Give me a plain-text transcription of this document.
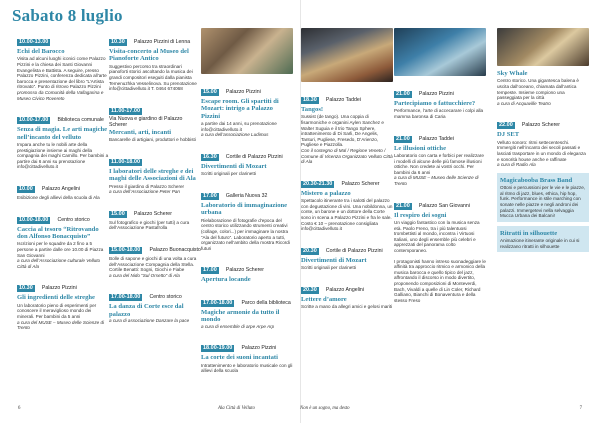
Sabato 8 luglio
10.00-13.00
Echi del Barocco
Visita ad alcuni luoghi iconici come Palazzo Pizzini e la chiesa dei Santi Giovanni Evangelista e Battista. A seguire, presso Palazzo Pizzini, conferenza dedicata all’arte barocca e presentazione del libro “L’Artista ritrovato”. Punto di ritrovo Palazzo Pizzini
promosso da Comunità della Vallagarina e Museo Civico Rovereto
10.00-17.00 Biblioteca comunale
Senza di magia. Le arti magiche nell’incanto del velluto
Impara anche tu le nobili arte della prestigiazione insieme ai maghi della compagnia dei maghi Camillo. Per bambini a partire dai 6 anni su prenotazione info@cittadivelluto.it
10.00 Palazzo Angelini
Esibizione degli allievi della scuola di Ala
10.00-18.00 Centro storico
Caccia al tesoro “Ritrovando don Alfonso Bonacquisto”
Iscrizioni per le squadre da 2 fino a 5 persone a partire dalle ore 10.00 di Piazza San Giovanni
a cura dell’Associazione culturale Velluto Città di Ala
10.30 Palazzo Pizzini
Gli ingredienti delle streghe
Un laboratorio pieno di esperimenti per conoscere il meraviglioso mondo dei minerali. Per bambini da 5 anni
a cura del MUSE – Museo delle Scienze di Trento
10.30 Palazzo Pizzini di Lenna
Visita-concerto al Museo del Pianoforte Antico
Suggestivo percorso tra straordinari pianoforti storici ascoltando la musica dei grandi compositori eseguiti dalla pianista Temenuzhka Vesselinova. Su prenotazione info@cittadivelluto.it T. 0464 674068
11.00-17.00
Via Nuova e giardino di Palazzo Scherer
Mercanti, arti, incanti
Bancarelle di artigiani, produttori e hobbisti
11.00-18.00
I laboratori delle streghe e dei maghi delle Associazioni di Ala
Presso il giardino di Palazzo Scherer
a cura dell’Associazione Peter Pan
15.00 Palazzo Scherer
Sul fotografico e giochi (per tutti) a cura dell’Associazione Pastafrolla
15.00-18.00 Palazzo Buonacquisto
Bolle di sapone e giochi di una volta a cura dell’Associazione Compagnia della Stella. Cortile Benatti: Sogni, Giochi e Fiabe
a cura del Nido “Sul Orsetto” di Ala
17.00-18.00 Centro storico
La danza di Corte esce dal palazzo
a cura di associazione Danzare la pace
15.00 Palazzo Pizzini
Escape room. Gli spartiti di Mozart: intrigo a Palazzo Pizzini
a partire dai 14 anni, su prenotazione info@cittadivelluto.it
a cura dell’associazione Ludimus
16.30 Cortile di Palazzo Pizzini
Divertimenti di Mozart
Scritti originali per clarinetti
17.00 Galleria Nuova 32
Laboratorio di immaginazione urbana
Rielaborazione di fotografie d’epoca del centro storico utilizzando strumenti creativi (collage, colori...) per immaginare la nostra “Ala del futuro”. Laboratorio aperto a tutti, organizzato nell’ambito della mostra Ricordi futuri
17.00 Palazzo Scherer
Apertura locande
17.00-18.00 Parco della biblioteca
Magiche armonie da tutto il mondo
a cura di ensemble di arpe Arpe Arp
18.00-19.00 Palazzo Pizzini
La corte dei suoni incantati
Intrattenimento e laboratorio musicale con gli allievi della scuola
18.30 Palazzo Taddei
Tangos!
Sussist (de tango). Una coppia di fisarmoniche e organini Aylen Sanchez e Walter Suguia e il trio Tango Sphere, intrattenimento di Di Sarli, De Angelis, Tanturi, Pugliese, Fresedo, D’Arienzo, Pugliese e Piazzolla.
Con il sostegno di Mal / Regione Veneto / Comune di Vicenza Organizzato Velluto Città di Ala
20.30-21.30 Palazzo Scherer
Mistero a palazzo
Spettacolo itinerante tra i salotti del palazzo con degustazione di vini. Una nobildonna, un conte, un barone e un dottore della Corte sono in scena a Palazzo Pizzini e fra le sale. Costo € 10 – prenotazione consigliata info@cittadivelluto.it
20.30 Cortile di Palazzo Pizzini
Divertimenti di Mozart
Scritti originali per clarinetti
20.30 Palazzo Angelini
Lettere d’amore
Scritte a mano da allegri amici e gelosi mariti
21.00 Palazzo Pizzini
Partecipiamo o fattucchiere?
Performance, l’arte di accecarare i colpi alla mamma baronsa di Caria
21.00 Palazzo Taddei
Le illusioni ottiche
Laboratorio con carta e forbici per realizzare i modelli di alcune delle più famose illusioni ottiche. Non credete ai vostri occhi. Per bambini da 6 anni
a cura di MUSE – Museo delle Scienze di Trento
21.00 Palazzo San Giovanni
Il respiro dei sogni
Un viaggio fantastico con la musica senza età. Paolo Freno, tra i più talentuosi trombettisti al mondo, incontra i Virtuosi Italiani, uno degli ensemble più celebri e apprezzati del panorama colto contemporaneo.
I protagonisti hanno intreso suonadeggiare le affinità tra approccio ritmico e armonico della musica barocca e quello tipico del jazz, affrontando il discorso in modo divertito, proponendo composizioni di Monteverdi, Bach, Vivaldi a quelle di Lin Coler, Richard Galliano, Bianchi di Bonaventura e della stesso Freso
Sky Whale
Centro storico. Una gigantesca balena è uscita dall’oceano, chiamata dall’antica tempeste. Insieme compiono una passeggiata per la città
a cura di Acquaville Teatro
22.00 Palazzo Scherer
DJ SET
Velluto sonoro: ritmi settecenteschi. Immergiti nell’incanto dei secoli passati e lasciati trasportare in un mondo di eleganza e sonorità house anche e raffinate
a cura di Radio Ala
Magicabooba Brass Band
Ottoni e percussioni per le vie e le piazze, al ritmo di jazz, blues, ethica, hip hop, funk. Performance in stile marching con sonate nelle piazze e negli androni dei palazzi. Immergetevi nella selvaggia Mucca Urbana dei Balcani!
Ritratti in silhouette
Animazione itinerante originale in cui si realizzano ritratti in silhouette
6	Ala Città di Velluto	Non è un sogno, ma desto	7
